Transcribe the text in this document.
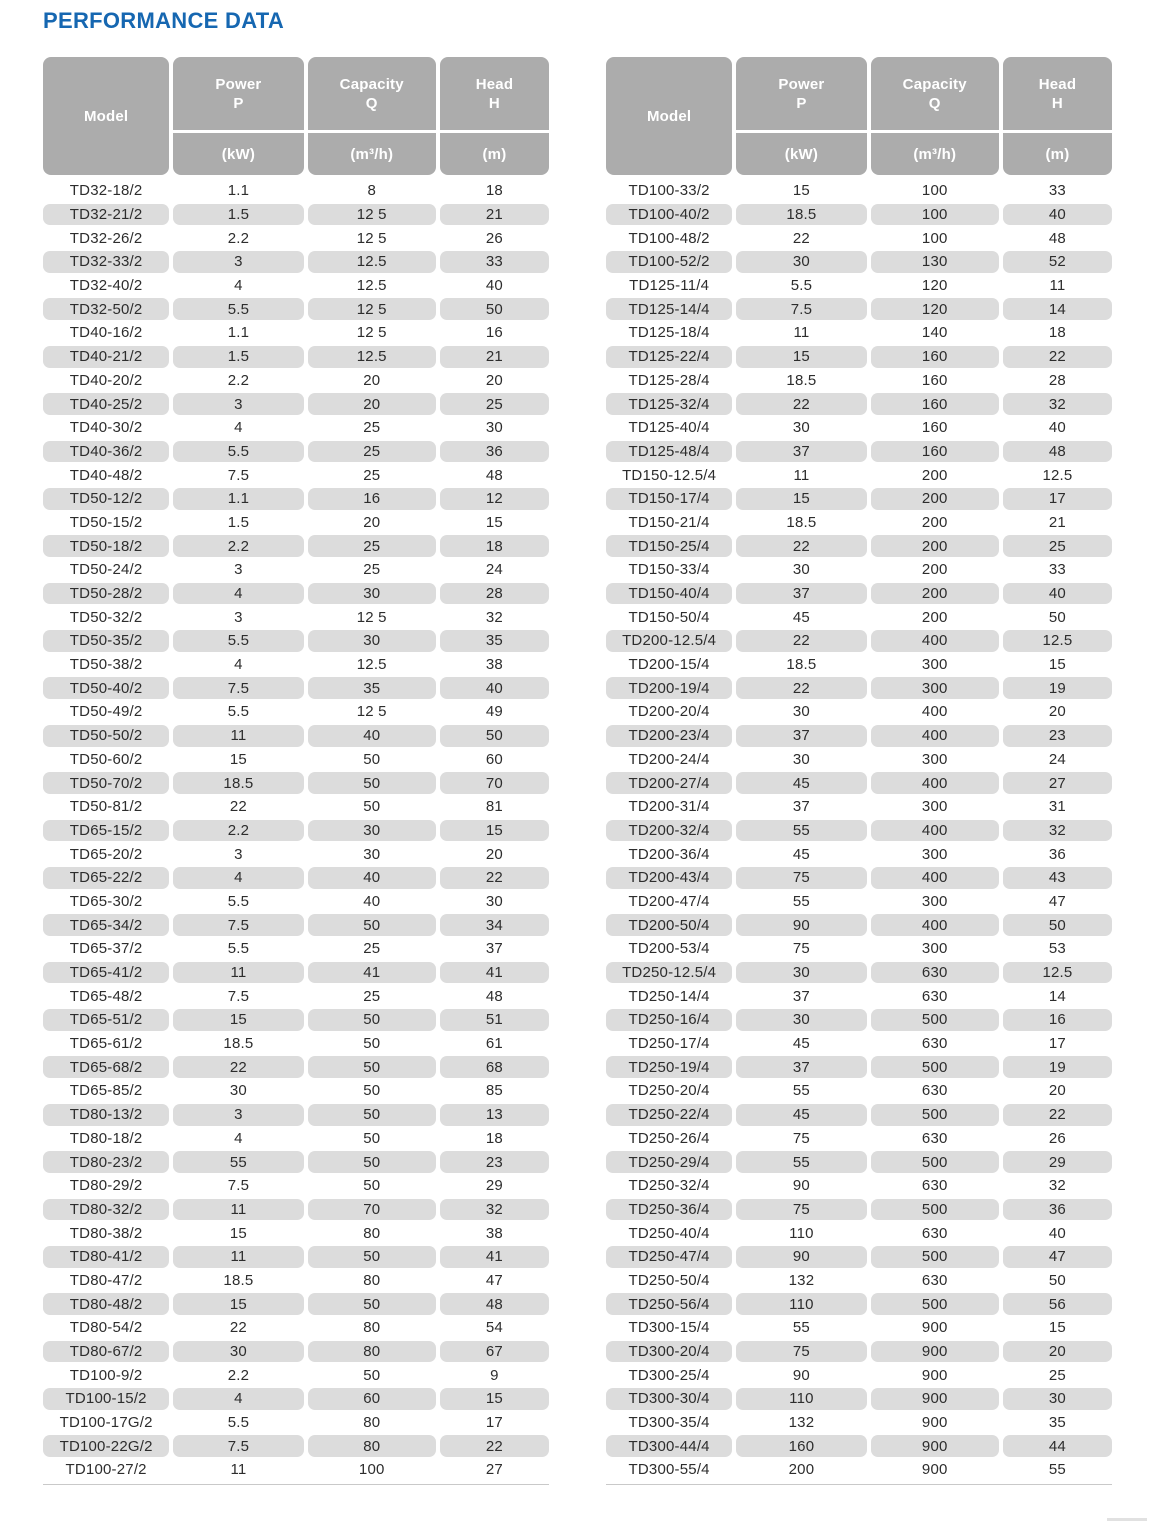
PERFORMANCE DATA
Model
Power
P
Capacity
Q
Head
H
(kW)	(m³/h)	(m)
TD32-18/2	1.1	8	18
TD32-21/2	1.5	12 5	21
TD32-26/2	2.2	12 5	26
TD32-33/2	3	12.5	33
TD32-40/2	4	12.5	40
TD32-50/2	5.5	12 5	50
TD40-16/2	1.1	12 5	16
TD40-21/2	1.5	12.5	21
TD40-20/2	2.2	20	20
TD40-25/2	3	20	25
TD40-30/2	4	25	30
TD40-36/2	5.5	25	36
TD40-48/2	7.5	25	48
TD50-12/2	1.1	16	12
TD50-15/2	1.5	20	15
TD50-18/2	2.2	25	18
TD50-24/2	3	25	24
TD50-28/2	4	30	28
TD50-32/2	3	12 5	32
TD50-35/2	5.5	30	35
TD50-38/2	4	12.5	38
TD50-40/2	7.5	35	40
TD50-49/2	5.5	12 5	49
TD50-50/2	11	40	50
TD50-60/2	15	50	60
TD50-70/2	18.5	50	70
TD50-81/2	22	50	81
TD65-15/2	2.2	30	15
TD65-20/2	3	30	20
TD65-22/2	4	40	22
TD65-30/2	5.5	40	30
TD65-34/2	7.5	50	34
TD65-37/2	5.5	25	37
TD65-41/2	11	41	41
TD65-48/2	7.5	25	48
TD65-51/2	15	50	51
TD65-61/2	18.5	50	61
TD65-68/2	22	50	68
TD65-85/2	30	50	85
TD80-13/2	3	50	13
TD80-18/2	4	50	18
TD80-23/2	55	50	23
TD80-29/2	7.5	50	29
TD80-32/2	11	70	32
TD80-38/2	15	80	38
TD80-41/2	11	50	41
TD80-47/2	18.5	80	47
TD80-48/2	15	50	48
TD80-54/2	22	80	54
TD80-67/2	30	80	67
TD100-9/2	2.2	50	9
TD100-15/2	4	60	15
TD100-17G/2	5.5	80	17
TD100-22G/2	7.5	80	22
TD100-27/2	11	100	27
Model
Power
P
Capacity
Q
Head
H
(kW)	(m³/h)	(m)
TD100-33/2	15	100	33
TD100-40/2	18.5	100	40
TD100-48/2	22	100	48
TD100-52/2	30	130	52
TD125-11/4	5.5	120	11
TD125-14/4	7.5	120	14
TD125-18/4	11	140	18
TD125-22/4	15	160	22
TD125-28/4	18.5	160	28
TD125-32/4	22	160	32
TD125-40/4	30	160	40
TD125-48/4	37	160	48
TD150-12.5/4	11	200	12.5
TD150-17/4	15	200	17
TD150-21/4	18.5	200	21
TD150-25/4	22	200	25
TD150-33/4	30	200	33
TD150-40/4	37	200	40
TD150-50/4	45	200	50
TD200-12.5/4	22	400	12.5
TD200-15/4	18.5	300	15
TD200-19/4	22	300	19
TD200-20/4	30	400	20
TD200-23/4	37	400	23
TD200-24/4	30	300	24
TD200-27/4	45	400	27
TD200-31/4	37	300	31
TD200-32/4	55	400	32
TD200-36/4	45	300	36
TD200-43/4	75	400	43
TD200-47/4	55	300	47
TD200-50/4	90	400	50
TD200-53/4	75	300	53
TD250-12.5/4	30	630	12.5
TD250-14/4	37	630	14
TD250-16/4	30	500	16
TD250-17/4	45	630	17
TD250-19/4	37	500	19
TD250-20/4	55	630	20
TD250-22/4	45	500	22
TD250-26/4	75	630	26
TD250-29/4	55	500	29
TD250-32/4	90	630	32
TD250-36/4	75	500	36
TD250-40/4	110	630	40
TD250-47/4	90	500	47
TD250-50/4	132	630	50
TD250-56/4	110	500	56
TD300-15/4	55	900	15
TD300-20/4	75	900	20
TD300-25/4	90	900	25
TD300-30/4	110	900	30
TD300-35/4	132	900	35
TD300-44/4	160	900	44
TD300-55/4	200	900	55
